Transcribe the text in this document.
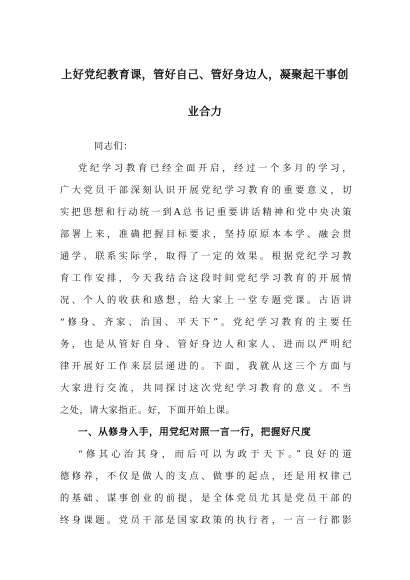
上好党纪教育课，管好自己、管好身边人，凝聚起干事创
业合力
同志们：
党纪学习教育已经全面开启，经过一个多月的学习，
广大党员干部深刻认识开展党纪学习教育的重要意义，切
实把思想和行动统一到A总书记重要讲话精神和党中央决策
部署上来，准确把握目标要求，坚持原原本本学、融会贯
通学、联系实际学，取得了一定的效果。根据党纪学习教
育工作安排，今天我结合这段时间党纪学习教育的开展情
况、个人的收获和感想，给大家上一堂专题党课。古语讲
“修身、齐家、治国、平天下”。党纪学习教育的主要任
务，也是从管好自身、管好身边人和家人、进而以严明纪
律开展好工作来层层递进的。下面，我就从这三个方面与
大家进行交流，共同探讨这次党纪学习教育的意义。不当
之处，请大家指正。好，下面开始上课。
一、从修身入手，用党纪对照一言一行，把握好尺度
“修其心治其身，而后可以为政于天下。”良好的道
德修养，不仅是做人的支点、做事的起点，还是用权律己
的基础、谋事创业的前提，是全体党员尤其是党员干部的
终身课题。党员干部是国家政策的执行者，一言一行都影
